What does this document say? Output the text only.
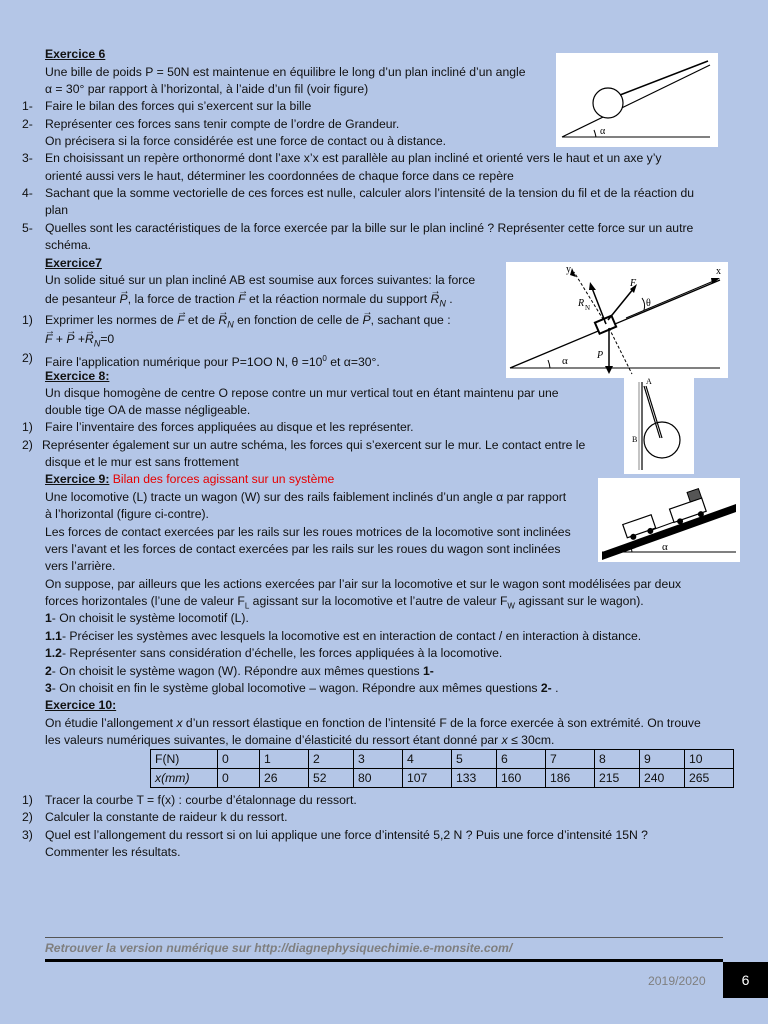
Exercice 6
Une bille de poids P = 50N est maintenue en équilibre le long d’un plan incliné d’un angle
α = 30° par rapport à l’horizontal, à l’aide d’un fil (voir figure)
1- Faire le bilan des forces qui s’exercent sur la bille
2- Représenter ces forces sans tenir compte de l’ordre de Grandeur.
On précisera si la force considérée est une force de contact ou à distance.
3- En choisissant un repère orthonormé dont l’axe x’x est parallèle au plan incliné et orienté vers le haut et un axe y’y
orienté aussi vers le haut, déterminer les coordonnées de chaque force dans ce repère
4- Sachant que la somme vectorielle de ces forces est nulle, calculer alors l’intensité de la tension du fil et de la réaction du
plan
5- Quelles sont les caractéristiques de la force exercée par la bille sur le plan incliné ? Représenter cette force sur un autre
schéma.
α
Exercice7
Un solide situé sur un plan incliné AB est soumise aux forces suivantes: la force
de pesanteur → P, la force de traction → F et la réaction normale du support → $R_N$ .
1) Exprimer les normes de → F et de → $R_N$ en fonction de celle de → P, sachant que :
→ F + → $P +\to R_N=0$
2) Faire l'application numérique pour P=1OO N, $\theta =10^0$ et α=30°.
y	x
F
R N	θ
α	P
Exercice 8:
Un disque homogène de centre O repose contre un mur vertical tout en étant maintenu par une
double tige OA de masse négligeable.
1) Faire l’inventaire des forces appliquées au disque et les représenter.
2) Représenter également sur un autre schéma, les forces qui s’exercent sur le mur. Le contact entre le
disque et le mur est sans frottement
A
B
Exercice 9: Bilan des forces agissant sur un système
Une locomotive (L) tracte un wagon (W) sur des rails faiblement inclinés d’un angle α par rapport
à l’horizontal (figure ci-contre).
Les forces de contact exercées par les rails sur les roues motrices de la locomotive sont inclinées
vers l’avant et les forces de contact exercées par les rails sur les roues du wagon sont inclinées
vers l’arrière.
On suppose, par ailleurs que les actions exercées par l’air sur la locomotive et sur le wagon sont modélisées par deux
forces horizontales (l’une de valeur $F_L$ agissant sur la locomotive et l’autre de valeur $F_W$ agissant sur le wagon).
1- On choisit le système locomotif (L).
1.1- Préciser les systèmes avec lesquels la locomotive est en interaction de contact / en interaction à distance.
1.2- Représenter sans considération d’échelle, les forces appliquées à la locomotive.
2- On choisit le système wagon (W). Répondre aux mêmes questions 1-
3- On choisit en fin le système global locomotive – wagon. Répondre aux mêmes questions 2- .
α
Exercice 10:
On étudie l’allongement x d’un ressort élastique en fonction de l’intensité F de la force exercée à son extrémité. On trouve
les valeurs numériques suivantes, le domaine d’élasticité du ressort étant donné par x ≤ 30cm.
F(N)	0	1	2	3	4	5	6	7	8	9	10
x(mm)	0	26	52	80	107	133	160	186	215	240	265
1) Tracer la courbe T = f(x) : courbe d’étalonnage du ressort.
2) Calculer la constante de raideur k du ressort.
3) Quel est l’allongement du ressort si on lui applique une force d’intensité 5,2 N ? Puis une force d’intensité 15N ?
Commenter les résultats.
Retrouver la version numérique sur http://diagnephysiquechimie.e-monsite.com/
2019/2020	6
